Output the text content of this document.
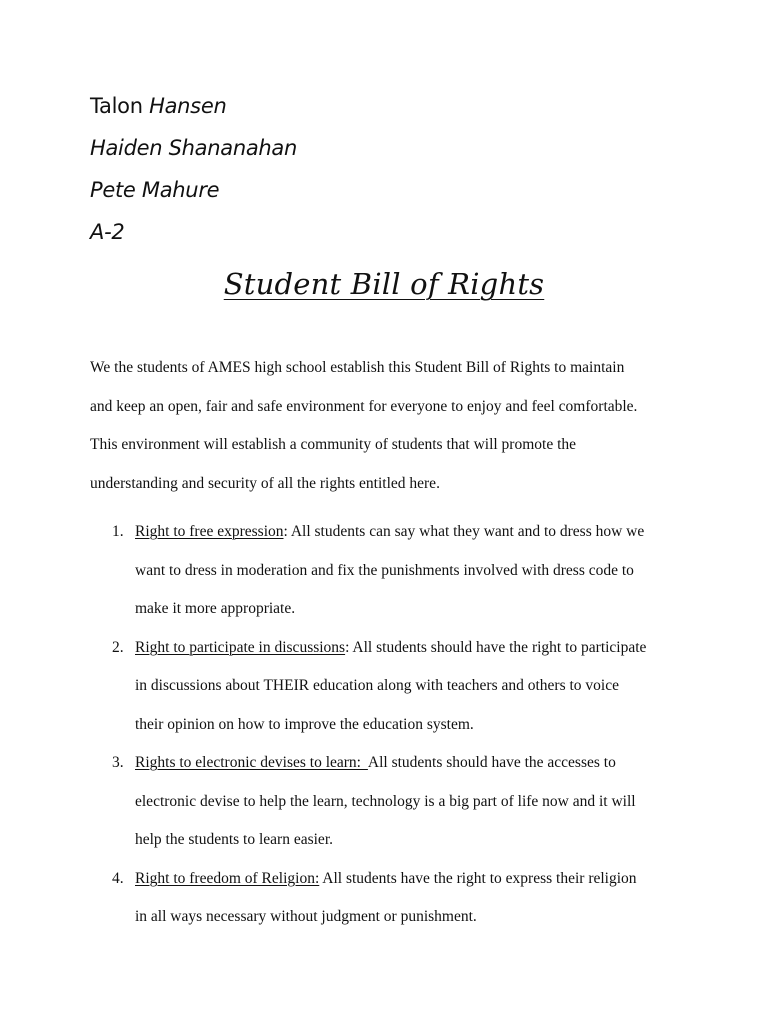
Talon Hansen
Haiden Shananahan
Pete Mahure
A-2
Student Bill of Rights
We the students of AMES high school establish this Student Bill of Rights to maintain
and keep an open, fair and safe environment for everyone to enjoy and feel comfortable.
This environment will establish a community of students that will promote the
understanding and security of all the rights entitled here.
1. Right to free expression: All students can say what they want and to dress how we
want to dress in moderation and fix the punishments involved with dress code to
make it more appropriate.
2. Right to participate in discussions: All students should have the right to participate
in discussions about THEIR education along with teachers and others to voice
their opinion on how to improve the education system.
3. Rights to electronic devises to learn:  All students should have the accesses to
electronic devise to help the learn, technology is a big part of life now and it will
help the students to learn easier.
4. Right to freedom of Religion: All students have the right to express their religion
in all ways necessary without judgment or punishment.
